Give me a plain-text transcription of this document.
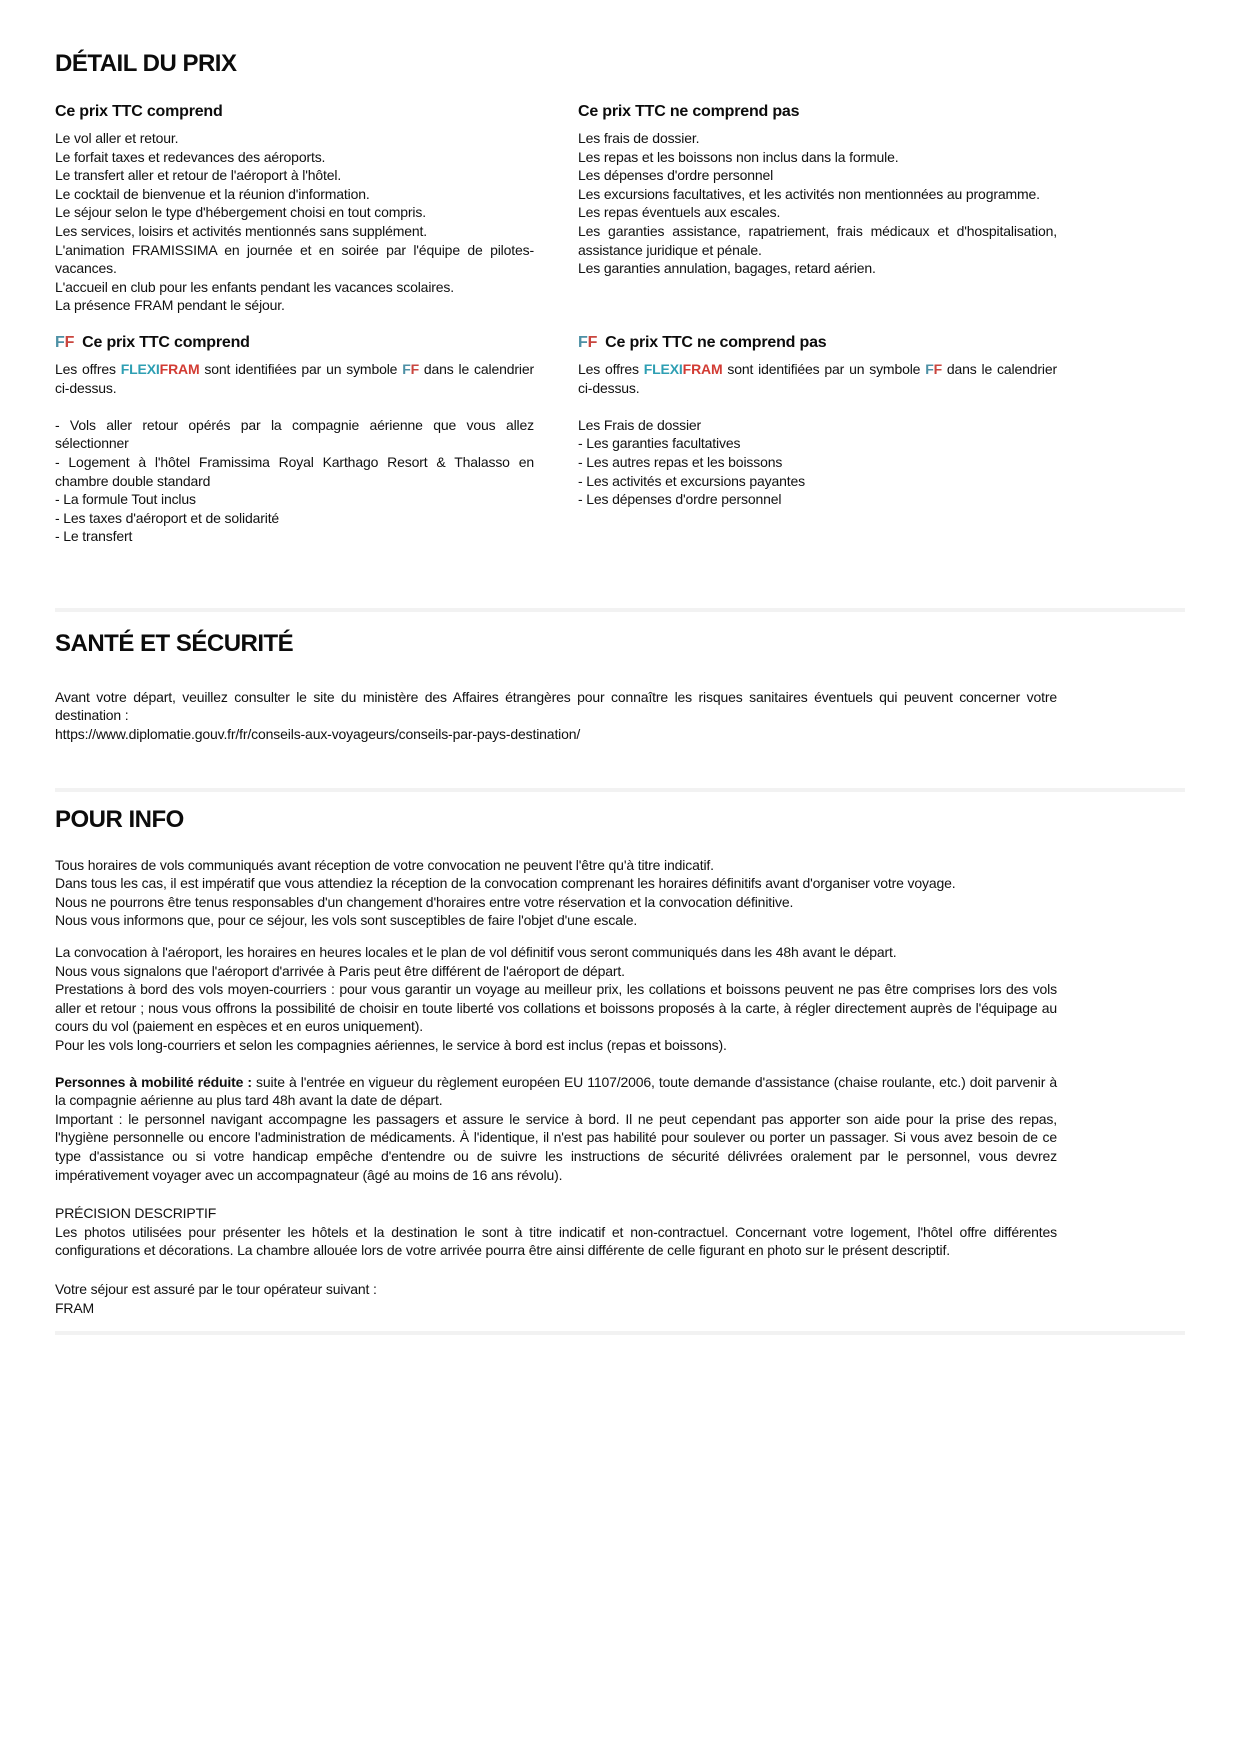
DÉTAIL DU PRIX
Ce prix TTC comprend
Le vol aller et retour.
Le forfait taxes et redevances des aéroports.
Le transfert aller et retour de l'aéroport à l'hôtel.
Le cocktail de bienvenue et la réunion d'information.
Le séjour selon le type d'hébergement choisi en tout compris.
Les services, loisirs et activités mentionnés sans supplément.
L'animation FRAMISSIMA en journée et en soirée par l'équipe de pilotes-vacances.
L'accueil en club pour les enfants pendant les vacances scolaires.
La présence FRAM pendant le séjour.
Ce prix TTC ne comprend pas
Les frais de dossier.
Les repas et les boissons non inclus dans la formule.
Les dépenses d'ordre personnel
Les excursions facultatives, et les activités non mentionnées au programme.
Les repas éventuels aux escales.
Les garanties assistance, rapatriement, frais médicaux et d'hospitalisation, assistance juridique et pénale.
Les garanties annulation, bagages, retard aérien.
FF Ce prix TTC comprend
Les offres FLEXIFRAM sont identifiées par un symbole FF dans le calendrier ci-dessus.
- Vols aller retour opérés par la compagnie aérienne que vous allez sélectionner
- Logement à l'hôtel Framissima Royal Karthago Resort & Thalasso en chambre double standard
- La formule Tout inclus
- Les taxes d'aéroport et de solidarité
- Le transfert
FF Ce prix TTC ne comprend pas
Les offres FLEXIFRAM sont identifiées par un symbole FF dans le calendrier ci-dessus.
Les Frais de dossier
- Les garanties facultatives
- Les autres repas et les boissons
- Les activités et excursions payantes
- Les dépenses d'ordre personnel
SANTÉ ET SÉCURITÉ
Avant votre départ, veuillez consulter le site du ministère des Affaires étrangères pour connaître les risques sanitaires éventuels qui peuvent concerner votre destination :
https://www.diplomatie.gouv.fr/fr/conseils-aux-voyageurs/conseils-par-pays-destination/
POUR INFO
Tous horaires de vols communiqués avant réception de votre convocation ne peuvent l'être qu'à titre indicatif.
Dans tous les cas, il est impératif que vous attendiez la réception de la convocation comprenant les horaires définitifs avant d'organiser votre voyage.
Nous ne pourrons être tenus responsables d'un changement d'horaires entre votre réservation et la convocation définitive.
Nous vous informons que, pour ce séjour, les vols sont susceptibles de faire l'objet d'une escale.
La convocation à l'aéroport, les horaires en heures locales et le plan de vol définitif vous seront communiqués dans les 48h avant le départ.
Nous vous signalons que l'aéroport d'arrivée à Paris peut être différent de l'aéroport de départ.
Prestations à bord des vols moyen-courriers : pour vous garantir un voyage au meilleur prix, les collations et boissons peuvent ne pas être comprises lors des vols aller et retour ; nous vous offrons la possibilité de choisir en toute liberté vos collations et boissons proposés à la carte, à régler directement auprès de l'équipage au cours du vol (paiement en espèces et en euros uniquement).
Pour les vols long-courriers et selon les compagnies aériennes, le service à bord est inclus (repas et boissons).
Personnes à mobilité réduite : suite à l'entrée en vigueur du règlement européen EU 1107/2006, toute demande d'assistance (chaise roulante, etc.) doit parvenir à la compagnie aérienne au plus tard 48h avant la date de départ.
Important : le personnel navigant accompagne les passagers et assure le service à bord. Il ne peut cependant pas apporter son aide pour la prise des repas, l'hygiène personnelle ou encore l'administration de médicaments. À l'identique, il n'est pas habilité pour soulever ou porter un passager. Si vous avez besoin de ce type d'assistance ou si votre handicap empêche d'entendre ou de suivre les instructions de sécurité délivrées oralement par le personnel, vous devrez impérativement voyager avec un accompagnateur (âgé au moins de 16 ans révolu).
PRÉCISION DESCRIPTIF
Les photos utilisées pour présenter les hôtels et la destination le sont à titre indicatif et non-contractuel. Concernant votre logement, l'hôtel offre différentes configurations et décorations. La chambre allouée lors de votre arrivée pourra être ainsi différente de celle figurant en photo sur le présent descriptif.
Votre séjour est assuré par le tour opérateur suivant :
FRAM
